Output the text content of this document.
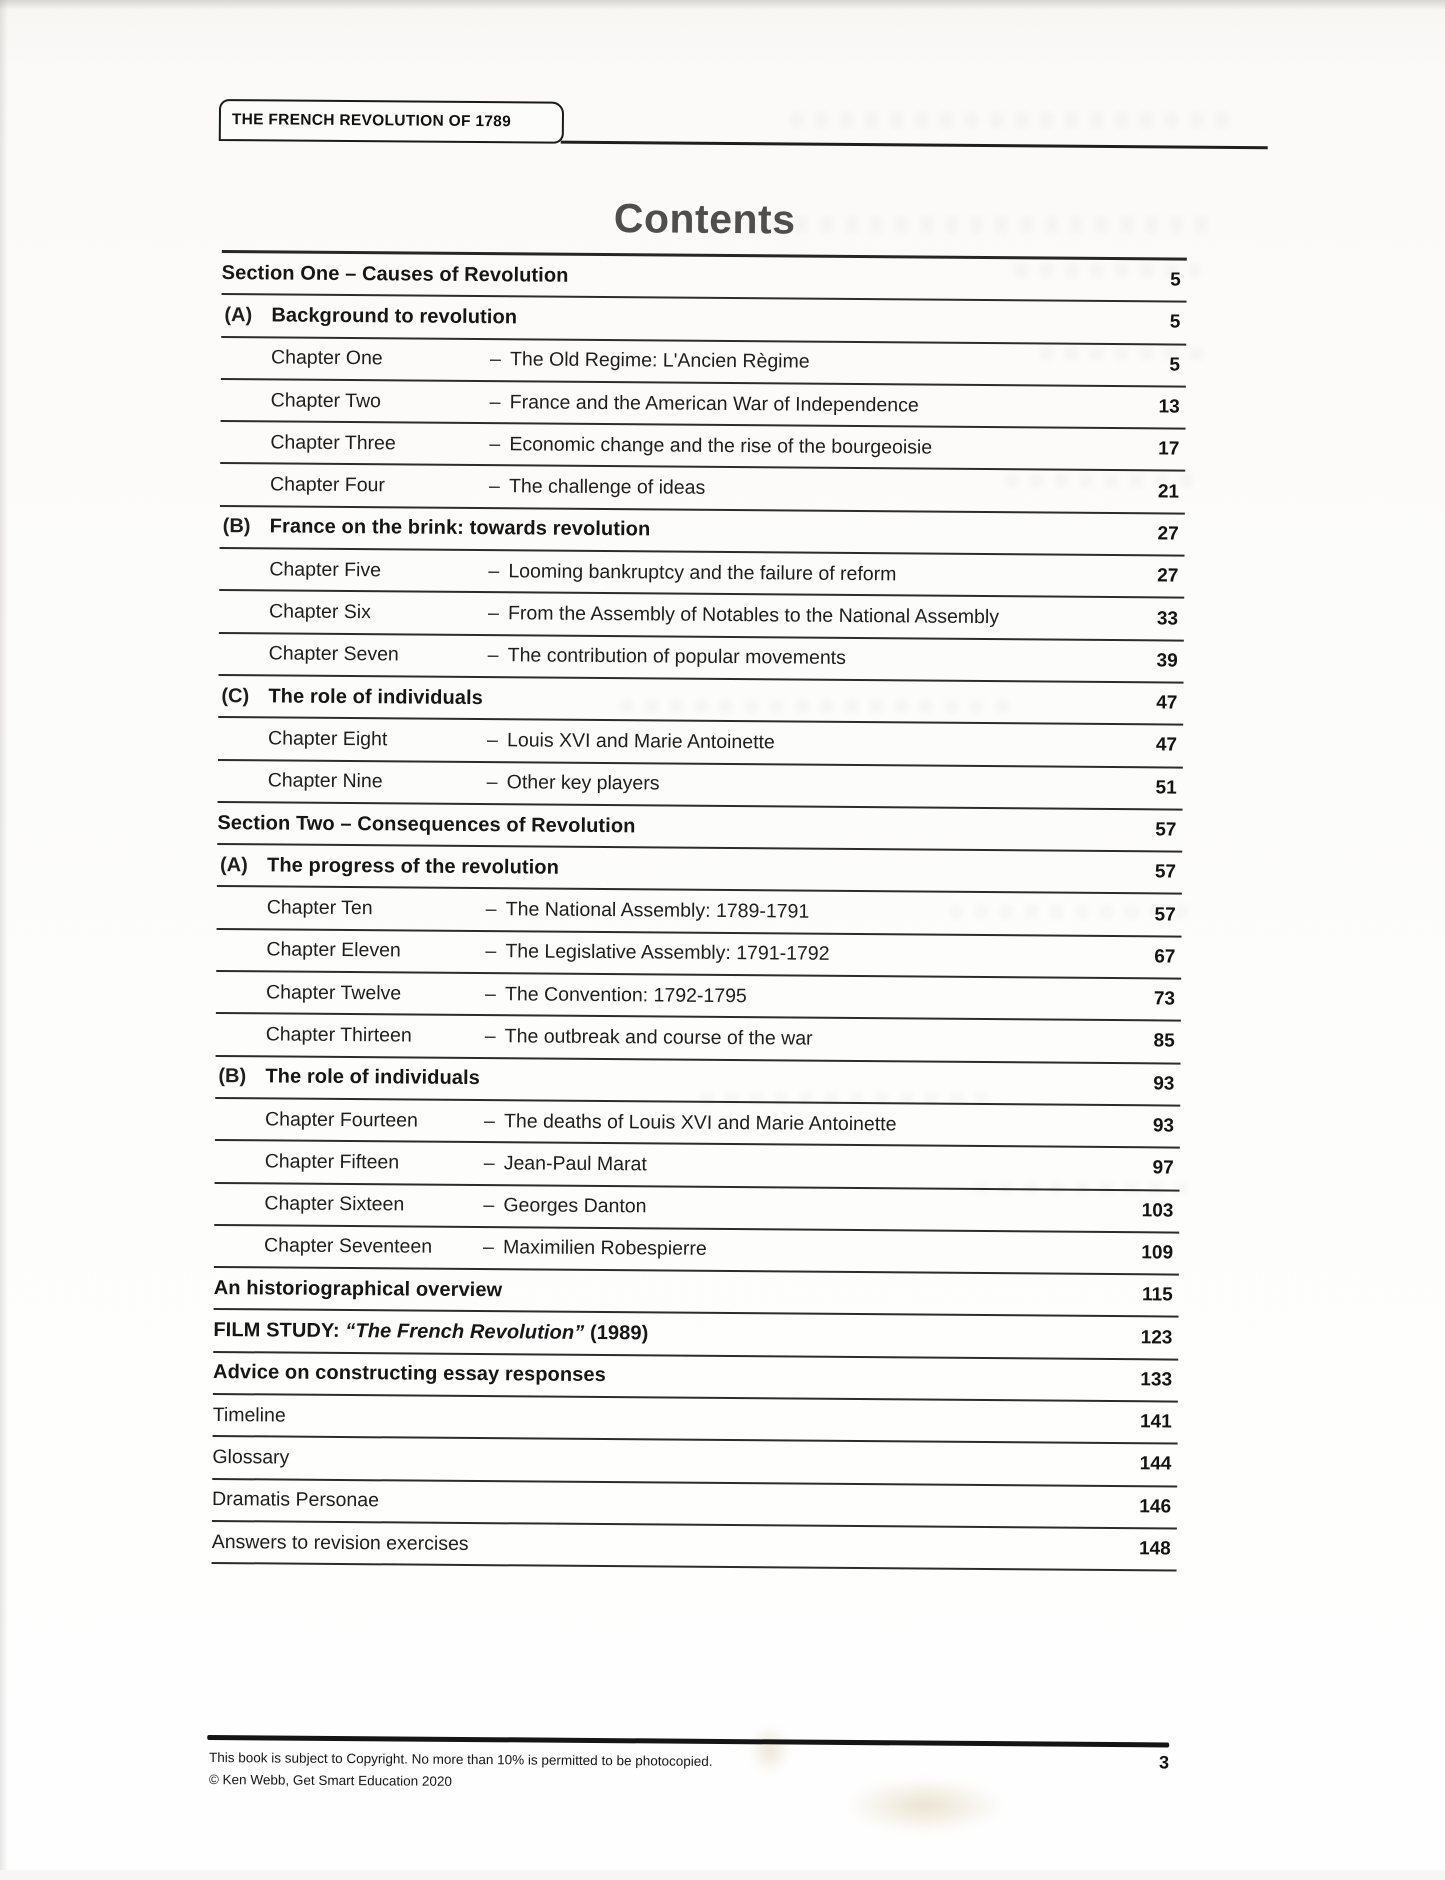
THE FRENCH REVOLUTION OF 1789
Contents
Section One – Causes of Revolution	5
(A) Background to revolution	5
Chapter One	– The Old Regime: L'Ancien Règime	5
Chapter Two	– France and the American War of Independence	13
Chapter Three	– Economic change and the rise of the bourgeoisie	17
Chapter Four	– The challenge of ideas	21
(B) France on the brink: towards revolution	27
Chapter Five	– Looming bankruptcy and the failure of reform	27
Chapter Six	– From the Assembly of Notables to the National Assembly	33
Chapter Seven	– The contribution of popular movements	39
(C) The role of individuals	47
Chapter Eight	– Louis XVI and Marie Antoinette	47
Chapter Nine	– Other key players	51
Section Two – Consequences of Revolution	57
(A) The progress of the revolution	57
Chapter Ten	– The National Assembly: 1789-1791	57
Chapter Eleven	– The Legislative Assembly: 1791-1792	67
Chapter Twelve	– The Convention: 1792-1795	73
Chapter Thirteen	– The outbreak and course of the war	85
(B) The role of individuals	93
Chapter Fourteen	– The deaths of Louis XVI and Marie Antoinette	93
Chapter Fifteen	– Jean-Paul Marat	97
Chapter Sixteen	– Georges Danton	103
Chapter Seventeen	– Maximilien Robespierre	109
An historiographical overview	115
FILM STUDY: “The French Revolution” (1989)	123
Advice on constructing essay responses	133
Timeline	141
Glossary	144
Dramatis Personae	146
Answers to revision exercises	148
This book is subject to Copyright. No more than 10% is permitted to be photocopied.
© Ken Webb, Get Smart Education 2020
3
